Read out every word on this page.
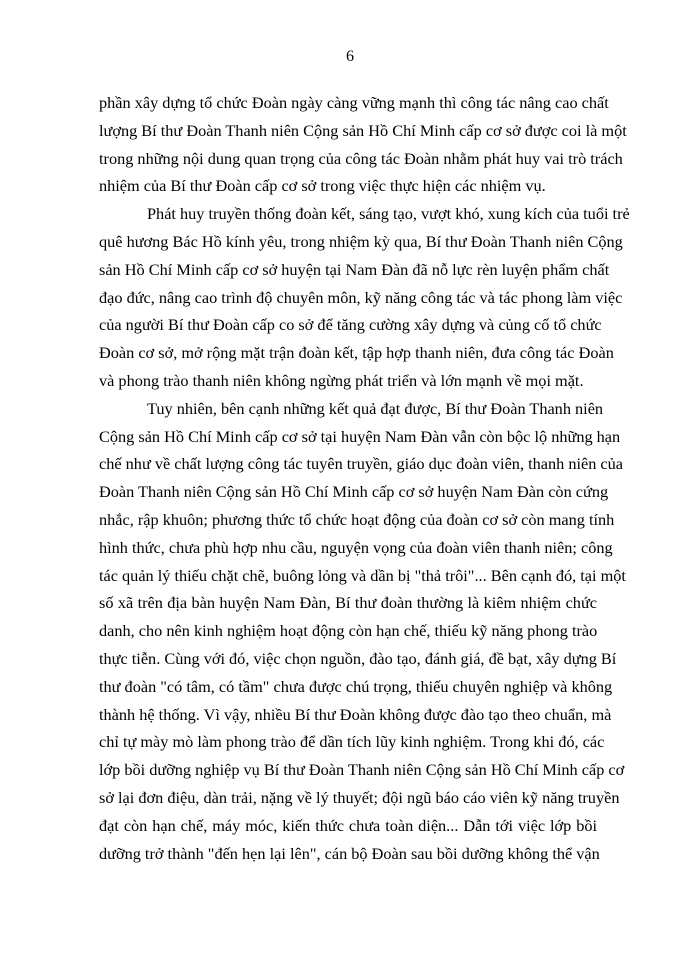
6
phần xây dựng tổ chức Đoàn ngày càng vững mạnh thì công tác nâng cao chất
lượng Bí thư Đoàn Thanh niên Cộng sản Hồ Chí Minh cấp cơ sở được coi là một
trong những nội dung quan trọng của công tác Đoàn nhằm phát huy vai trò trách
nhiệm của Bí thư Đoàn cấp cơ sở trong việc thực hiện các nhiệm vụ.
Phát huy truyền thống đoàn kết, sáng tạo, vượt khó, xung kích của tuổi trẻ
quê hương Bác Hồ kính yêu, trong nhiệm kỳ qua, Bí thư Đoàn Thanh niên Cộng
sản Hồ Chí Minh cấp cơ sở huyện tại Nam Đàn đã nỗ lực rèn luyện phẩm chất
đạo đức, nâng cao trình độ chuyên môn, kỹ năng công tác và tác phong làm việc
của người Bí thư Đoàn cấp co sở để tăng cường xây dựng và củng cố tổ chức
Đoàn cơ sở, mở rộng mặt trận đoàn kết, tập hợp thanh niên, đưa công tác Đoàn
và phong trào thanh niên không ngừng phát triển và lớn mạnh về mọi mặt.
Tuy nhiên, bên cạnh những kết quả đạt được, Bí thư Đoàn Thanh niên
Cộng sản Hồ Chí Minh cấp cơ sở tại huyện Nam Đàn vẫn còn bộc lộ những hạn
chế như về chất lượng công tác tuyên truyền, giáo dục đoàn viên, thanh niên của
Đoàn Thanh niên Cộng sản Hồ Chí Minh cấp cơ sở huyện Nam Đàn còn cứng
nhắc, rập khuôn; phương thức tổ chức hoạt động của đoàn cơ sở còn mang tính
hình thức, chưa phù hợp nhu cầu, nguyện vọng của đoàn viên thanh niên; công
tác quản lý thiếu chặt chẽ, buông lỏng và dần bị "thả trôi"... Bên cạnh đó, tại một
số xã trên địa bàn huyện Nam Đàn, Bí thư đoàn thường là kiêm nhiệm chức
danh, cho nên kinh nghiệm hoạt động còn hạn chế, thiếu kỹ năng phong trào
thực tiễn. Cùng với đó, việc chọn nguồn, đào tạo, đánh giá, đề bạt, xây dựng Bí
thư đoàn "có tâm, có tầm" chưa được chú trọng, thiếu chuyên nghiệp và không
thành hệ thống. Vì vậy, nhiều Bí thư Đoàn không được đào tạo theo chuẩn, mà
chỉ tự mày mò làm phong trào để dần tích lũy kinh nghiệm. Trong khi đó, các
lớp bồi dưỡng nghiệp vụ Bí thư Đoàn Thanh niên Cộng sản Hồ Chí Minh cấp cơ
sở lại đơn điệu, dàn trải, nặng về lý thuyết; đội ngũ báo cáo viên kỹ năng truyền
đạt còn hạn chế, máy móc, kiến thức chưa toàn diện... Dẫn tới việc lớp bồi
dưỡng trở thành "đến hẹn lại lên", cán bộ Đoàn sau bồi dưỡng không thể vận
